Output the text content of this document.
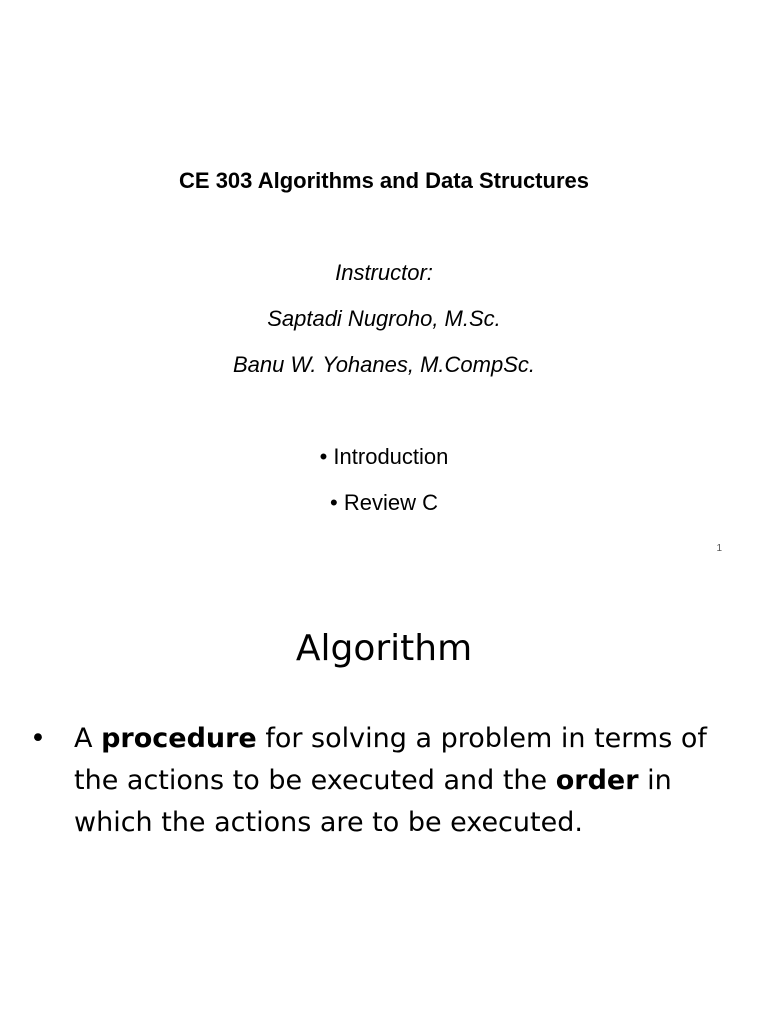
CE 303 Algorithms and Data Structures
Instructor:
Saptadi Nugroho, M.Sc.
Banu W. Yohanes, M.CompSc.
• Introduction
• Review C
1
Algorithm
•	A procedure for solving a problem in terms of the actions to be executed and the order in which the actions are to be executed.
